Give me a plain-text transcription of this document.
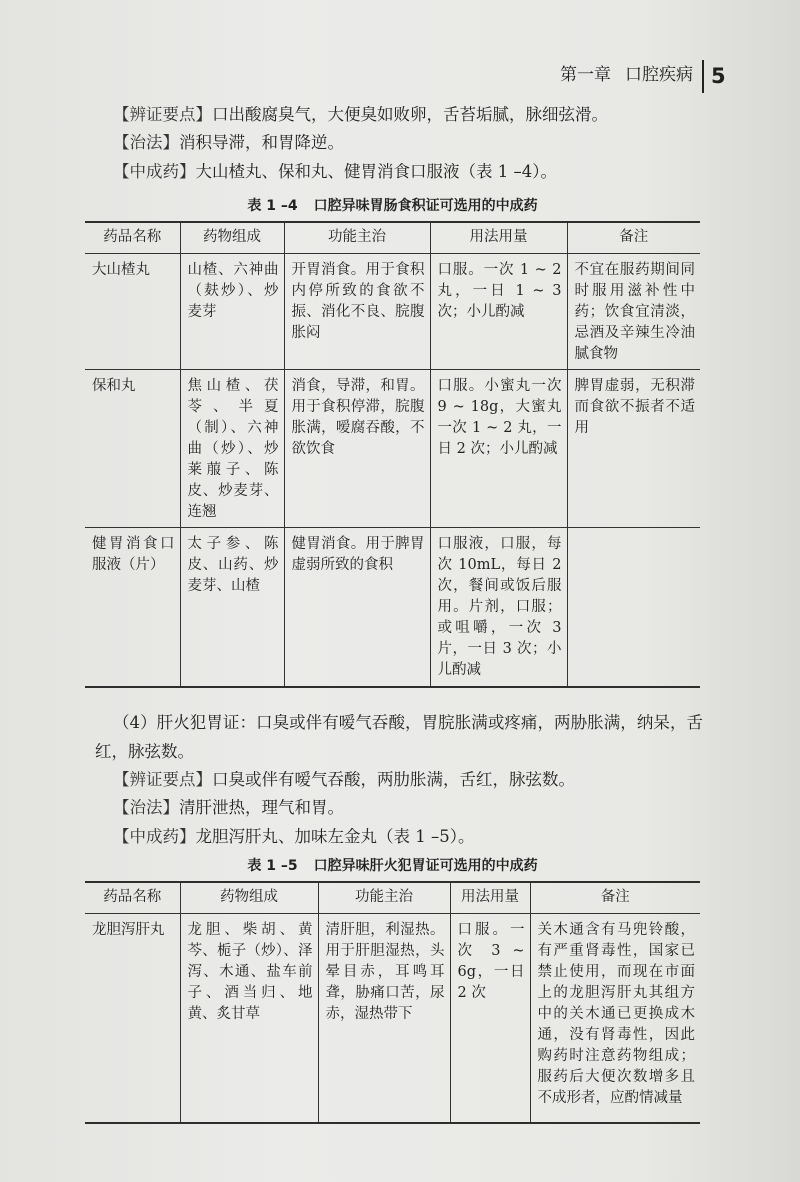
第一章 口腔疾病 5

【辨证要点】口出酸腐臭气，大便臭如败卵，舌苔垢腻，脉细弦滑。

【治法】消积导滞，和胃降逆。

【中成药】大山楂丸、保和丸、健胃消食口服液（表 1 –4）。

表 1 –4 口腔异味胃肠食积证可选用的中成药
药品名称	药物组成	功能主治	用法用量	备注
大山楂丸	山楂、六神曲（麸炒）、炒麦芽	开胃消食。用于食积内停所致的食欲不振、消化不良、脘腹胀闷	口服。一次 1 ~ 2 丸，一日 1 ~ 3 次；小儿酌减	不宜在服药期间同时服用滋补性中药；饮食宜清淡，忌酒及辛辣生冷油腻食物
保和丸	焦山楂、茯苓、半夏（制）、六神曲（炒）、炒莱菔子、陈皮、炒麦芽、连翘	消食，导滞，和胃。用于食积停滞，脘腹胀满，嗳腐吞酸，不欲饮食	口服。小蜜丸一次 9 ~ 18g，大蜜丸一次 1 ~ 2 丸，一日 2 次；小儿酌减	脾胃虚弱，无积滞而食欲不振者不适用
健胃消食口服液（片）	太子参、陈皮、山药、炒麦芽、山楂	健胃消食。用于脾胃虚弱所致的食积	口服液，口服，每次 10mL，每日 2 次，餐间或饭后服用。片剂，口服；或咀嚼，一次 3 片，一日 3 次；小儿酌减	

（4）肝火犯胃证：口臭或伴有嗳气吞酸，胃脘胀满或疼痛，两胁胀满，纳呆，舌红，脉弦数。

【辨证要点】口臭或伴有嗳气吞酸，两肋胀满，舌红，脉弦数。

【治法】清肝泄热，理气和胃。

【中成药】龙胆泻肝丸、加味左金丸（表 1 –5）。

表 1 –5 口腔异味肝火犯胃证可选用的中成药
药品名称	药物组成	功能主治	用法用量	备注
龙胆泻肝丸	龙胆、柴胡、黄芩、栀子（炒）、泽泻、木通、盐车前子、酒当归、地黄、炙甘草	清肝胆，利湿热。用于肝胆湿热，头晕目赤，耳鸣耳聋，胁痛口苦，尿赤，湿热带下	口服。一次 3 ~ 6g，一日 2 次	关木通含有马兜铃酸，有严重肾毒性，国家已禁止使用，而现在市面上的龙胆泻肝丸其组方中的关木通已更换成木通，没有肾毒性，因此购药时注意药物组成；服药后大便次数增多且不成形者，应酌情减量
